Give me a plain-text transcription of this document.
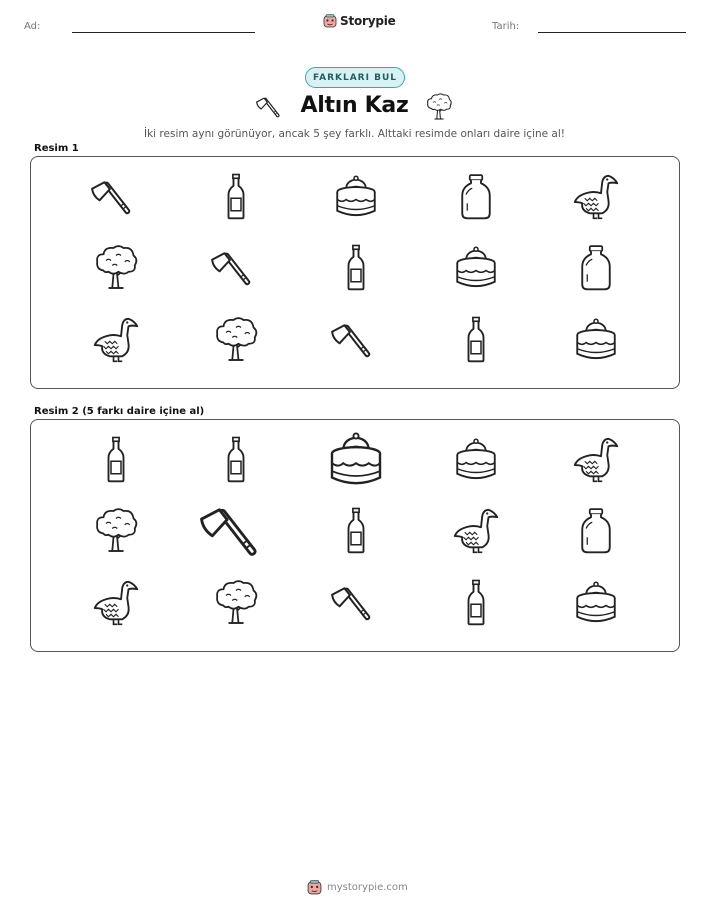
Ad:	Storypie	Tarih:
FARKLARI BUL
Altın Kaz
İki resim aynı görünüyor, ancak 5 şey farklı. Alttaki resimde onları daire içine al!
Resim 1
Resim 2 (5 farkı daire içine al)
mystorypie.com
